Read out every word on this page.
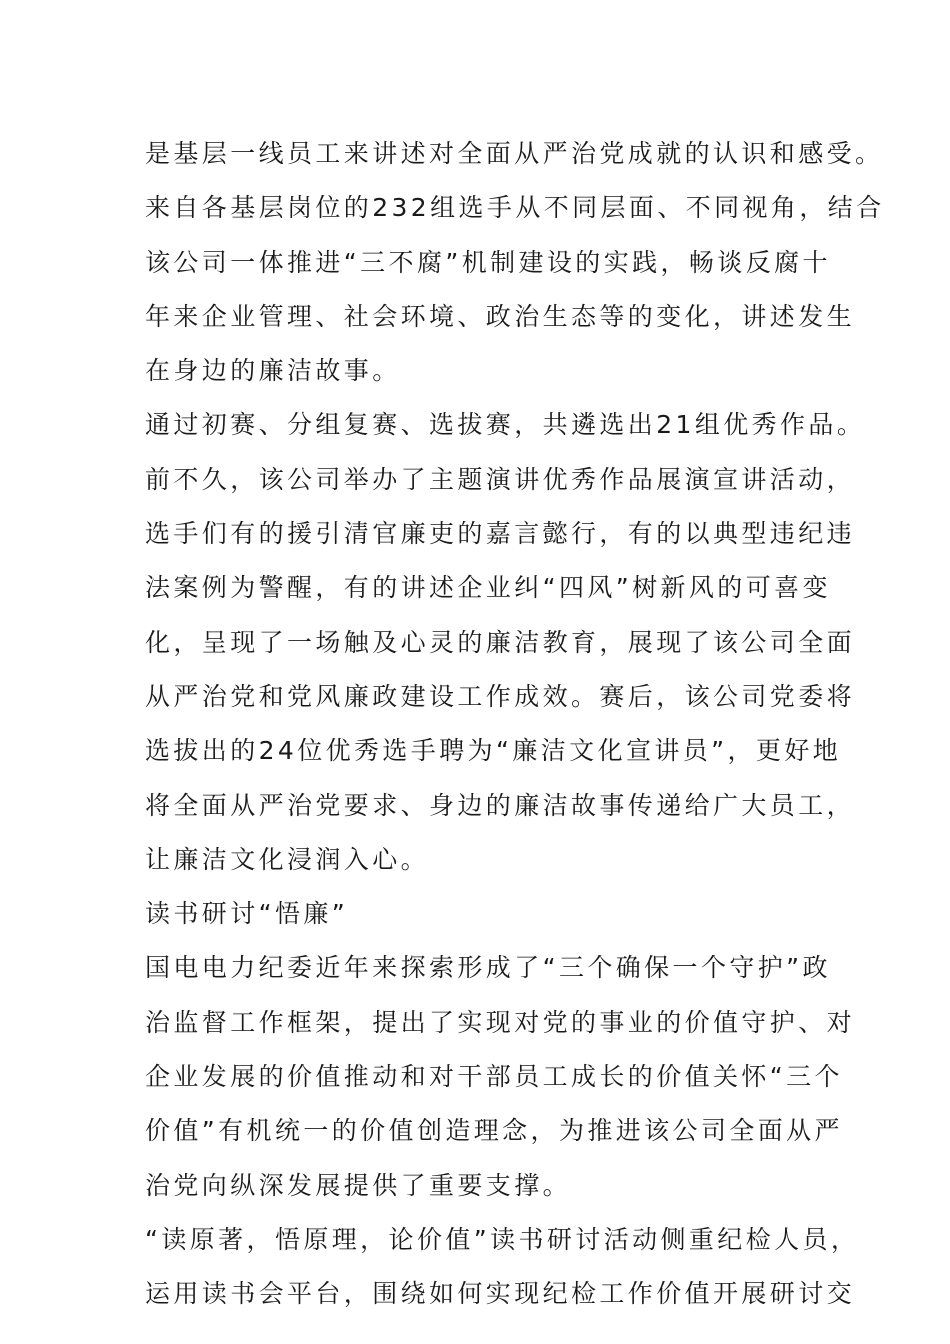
是基层一线员工来讲述对全面从严治党成就的认识和感受。
来自各基层岗位的232组选手从不同层面、不同视角，结合
该公司一体推进“三不腐”机制建设的实践，畅谈反腐十
年来企业管理、社会环境、政治生态等的变化，讲述发生
在身边的廉洁故事。
通过初赛、分组复赛、选拔赛，共遴选出21组优秀作品。
前不久，该公司举办了主题演讲优秀作品展演宣讲活动，
选手们有的援引清官廉吏的嘉言懿行，有的以典型违纪违
法案例为警醒，有的讲述企业纠“四风”树新风的可喜变
化，呈现了一场触及心灵的廉洁教育，展现了该公司全面
从严治党和党风廉政建设工作成效。赛后，该公司党委将
选拔出的24位优秀选手聘为“廉洁文化宣讲员”，更好地
将全面从严治党要求、身边的廉洁故事传递给广大员工，
让廉洁文化浸润入心。
读书研讨“悟廉”
国电电力纪委近年来探索形成了“三个确保一个守护”政
治监督工作框架，提出了实现对党的事业的价值守护、对
企业发展的价值推动和对干部员工成长的价值关怀“三个
价值”有机统一的价值创造理念，为推进该公司全面从严
治党向纵深发展提供了重要支撑。
“读原著，悟原理，论价值”读书研讨活动侧重纪检人员，
运用读书会平台，围绕如何实现纪检工作价值开展研讨交
